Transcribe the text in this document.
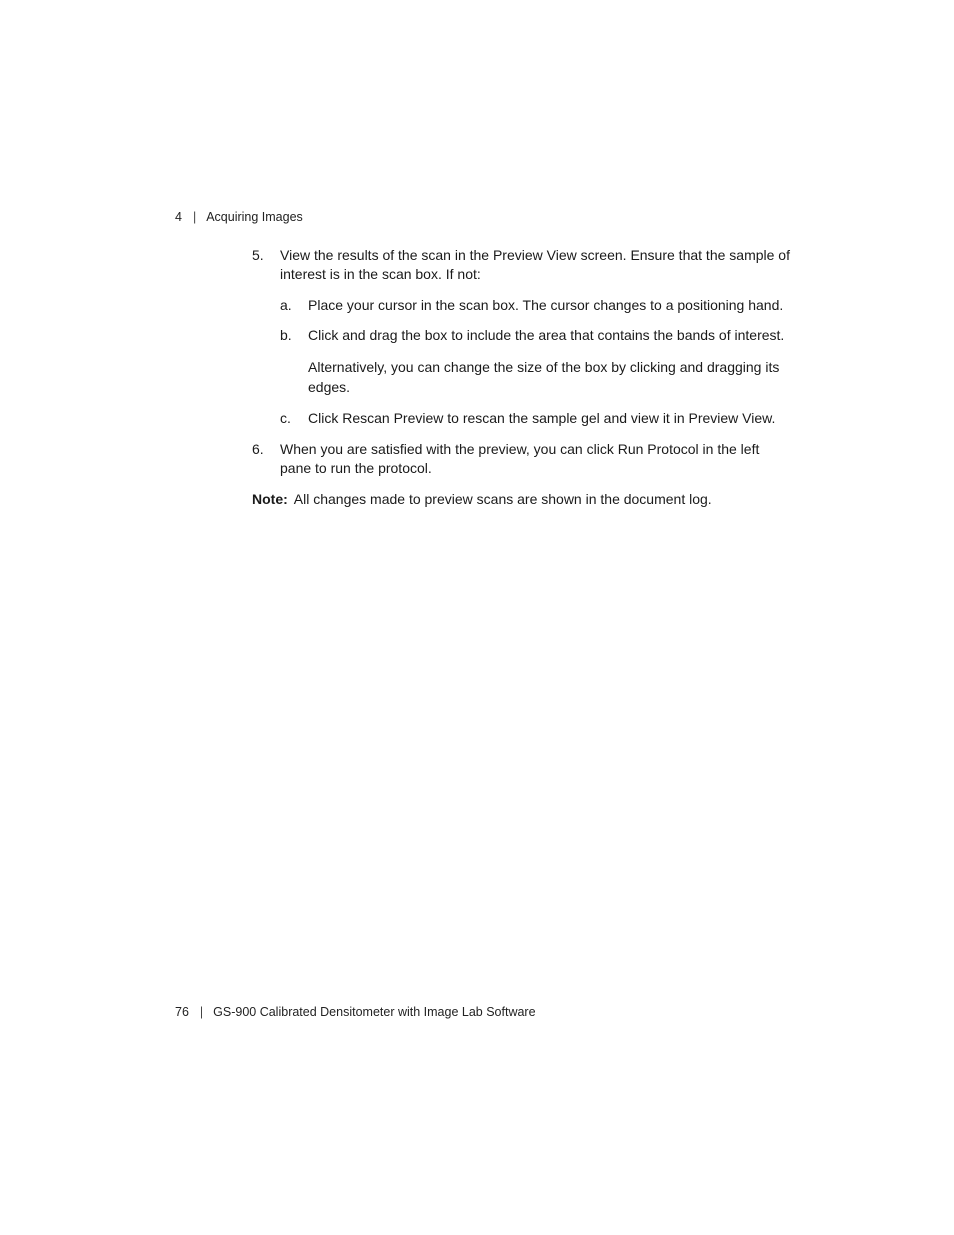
4 | Acquiring Images
5. View the results of the scan in the Preview View screen. Ensure that the sample of interest is in the scan box. If not:
a. Place your cursor in the scan box. The cursor changes to a positioning hand.
b. Click and drag the box to include the area that contains the bands of interest.
Alternatively, you can change the size of the box by clicking and dragging its edges.
c. Click Rescan Preview to rescan the sample gel and view it in Preview View.
6. When you are satisfied with the preview, you can click Run Protocol in the left pane to run the protocol.
Note: All changes made to preview scans are shown in the document log.
76 | GS-900 Calibrated Densitometer with Image Lab Software
